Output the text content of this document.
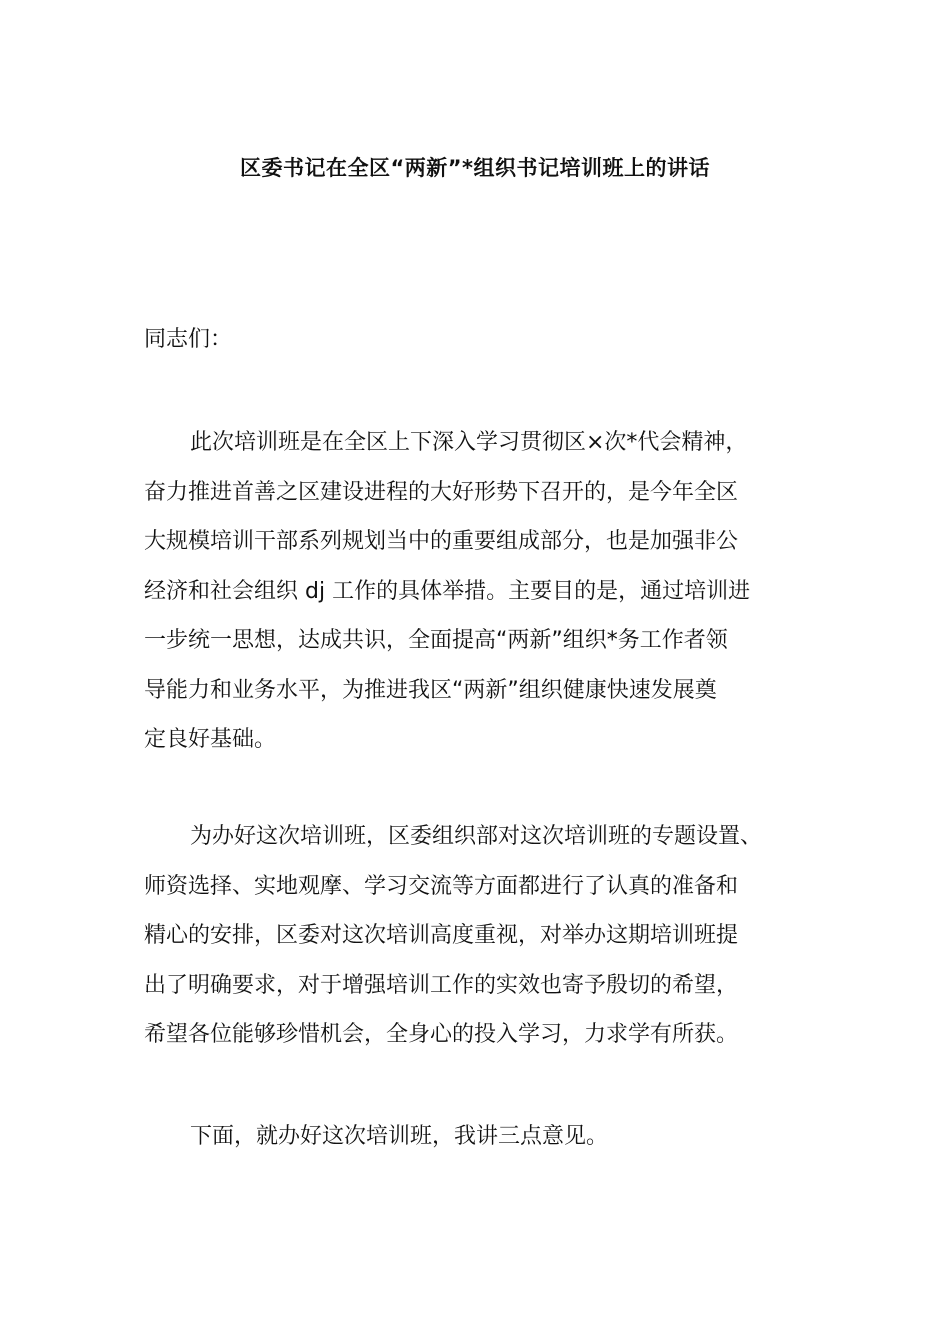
区委书记在全区“两新”*组织书记培训班上的讲话
同志们：
此次培训班是在全区上下深入学习贯彻区×次*代会精神，
奋力推进首善之区建设进程的大好形势下召开的，是今年全区
大规模培训干部系列规划当中的重要组成部分，也是加强非公
经济和社会组织 dj 工作的具体举措。主要目的是，通过培训进
一步统一思想，达成共识，全面提高“两新”组织*务工作者领
导能力和业务水平，为推进我区“两新”组织健康快速发展奠
定良好基础。
为办好这次培训班，区委组织部对这次培训班的专题设置、
师资选择、实地观摩、学习交流等方面都进行了认真的准备和
精心的安排，区委对这次培训高度重视，对举办这期培训班提
出了明确要求，对于增强培训工作的实效也寄予殷切的希望，
希望各位能够珍惜机会，全身心的投入学习，力求学有所获。
下面，就办好这次培训班，我讲三点意见。
